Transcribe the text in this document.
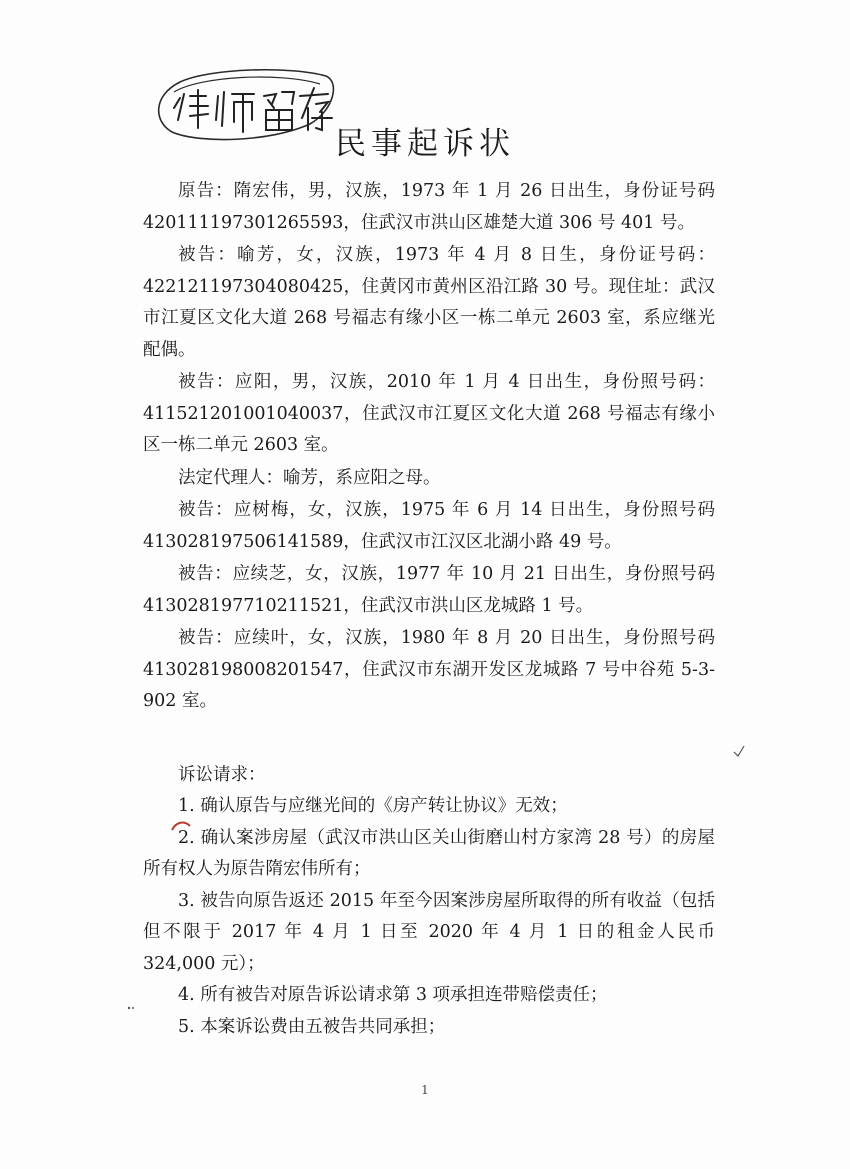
民事起诉状

原告：隋宏伟，男，汉族，1973 年 1 月 26 日出生，身份证号码 420111197301265593，住武汉市洪山区雄楚大道 306 号 401 号。

被告：喻芳，女，汉族，1973 年 4 月 8 日生，身份证号码：422121197304080425，住黄冈市黄州区沿江路 30 号。现住址：武汉市江夏区文化大道 268 号福志有缘小区一栋二单元 2603 室，系应继光配偶。

被告：应阳，男，汉族，2010 年 1 月 4 日出生，身份照号码：411521201001040037，住武汉市江夏区文化大道 268 号福志有缘小区一栋二单元 2603 室。

法定代理人：喻芳，系应阳之母。

被告：应树梅，女，汉族，1975 年 6 月 14 日出生，身份照号码 413028197506141589，住武汉市江汉区北湖小路 49 号。

被告：应续芝，女，汉族，1977 年 10 月 21 日出生，身份照号码 413028197710211521，住武汉市洪山区龙城路 1 号。

被告：应续叶，女，汉族，1980 年 8 月 20 日出生，身份照号码 413028198008201547，住武汉市东湖开发区龙城路 7 号中谷苑 5-3-902 室。

诉讼请求：

1. 确认原告与应继光间的《房产转让协议》无效；

2. 确认案涉房屋（武汉市洪山区关山街磨山村方家湾 28 号）的房屋所有权人为原告隋宏伟所有；

3. 被告向原告返还 2015 年至今因案涉房屋所取得的所有收益（包括但不限于 2017 年 4 月 1 日至 2020 年 4 月 1 日的租金人民币 324,000 元）；

4. 所有被告对原告诉讼请求第 3 项承担连带赔偿责任；

5. 本案诉讼费由五被告共同承担；

1
